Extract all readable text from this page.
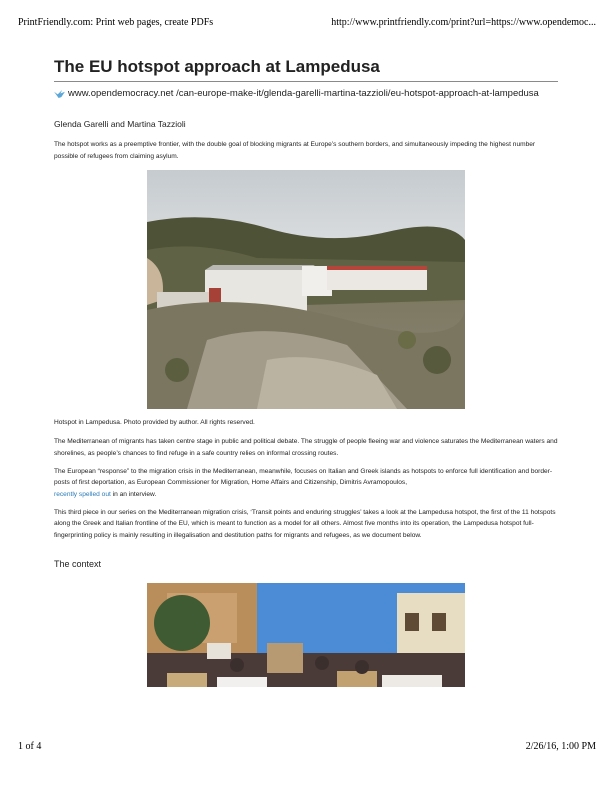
PrintFriendly.com: Print web pages, create PDFs	http://www.printfriendly.com/print?url=https://www.opendemoc...
The EU hotspot approach at Lampedusa
www.opendemocracy.net /can-europe-make-it/glenda-garelli-martina-tazzioli/eu-hotspot-approach-at-lampedusa
Glenda Garelli and Martina Tazzioli

The hotspot works as a preemptive frontier, with the double goal of blocking migrants at Europe’s southern borders, and simultaneously impeding the highest number possible of refugees from claiming asylum.

Hotspot in Lampedusa. Photo provided by author. All rights reserved.

The Mediterranean of migrants has taken centre stage in public and political debate. The struggle of people fleeing war and violence saturates the Mediterranean waters and shorelines, as people’s chances to find refuge in a safe country relies on informal crossing routes.

The European “response” to the migration crisis in the Mediterranean, meanwhile, focuses on Italian and Greek islands as hotspots to enforce full identification and border-posts of first deportation, as European Commissioner for Migration, Home Affairs and Citizenship, Dimitris Avramopoulos,
recently spelled out in an interview.

This third piece in our series on the Mediterranean migration crisis, ‘Transit points and enduring struggles’ takes a look at the Lampedusa hotspot, the first of the 11 hotspots along the Greek and Italian frontline of the EU, which is meant to function as a model for all others. Almost five months into its operation, the Lampedusa hotspot full-fingerprinting policy is mainly resulting in illegalisation and destitution paths for migrants and refugees, as we document below.

The context
1 of 4	2/26/16, 1:00 PM
